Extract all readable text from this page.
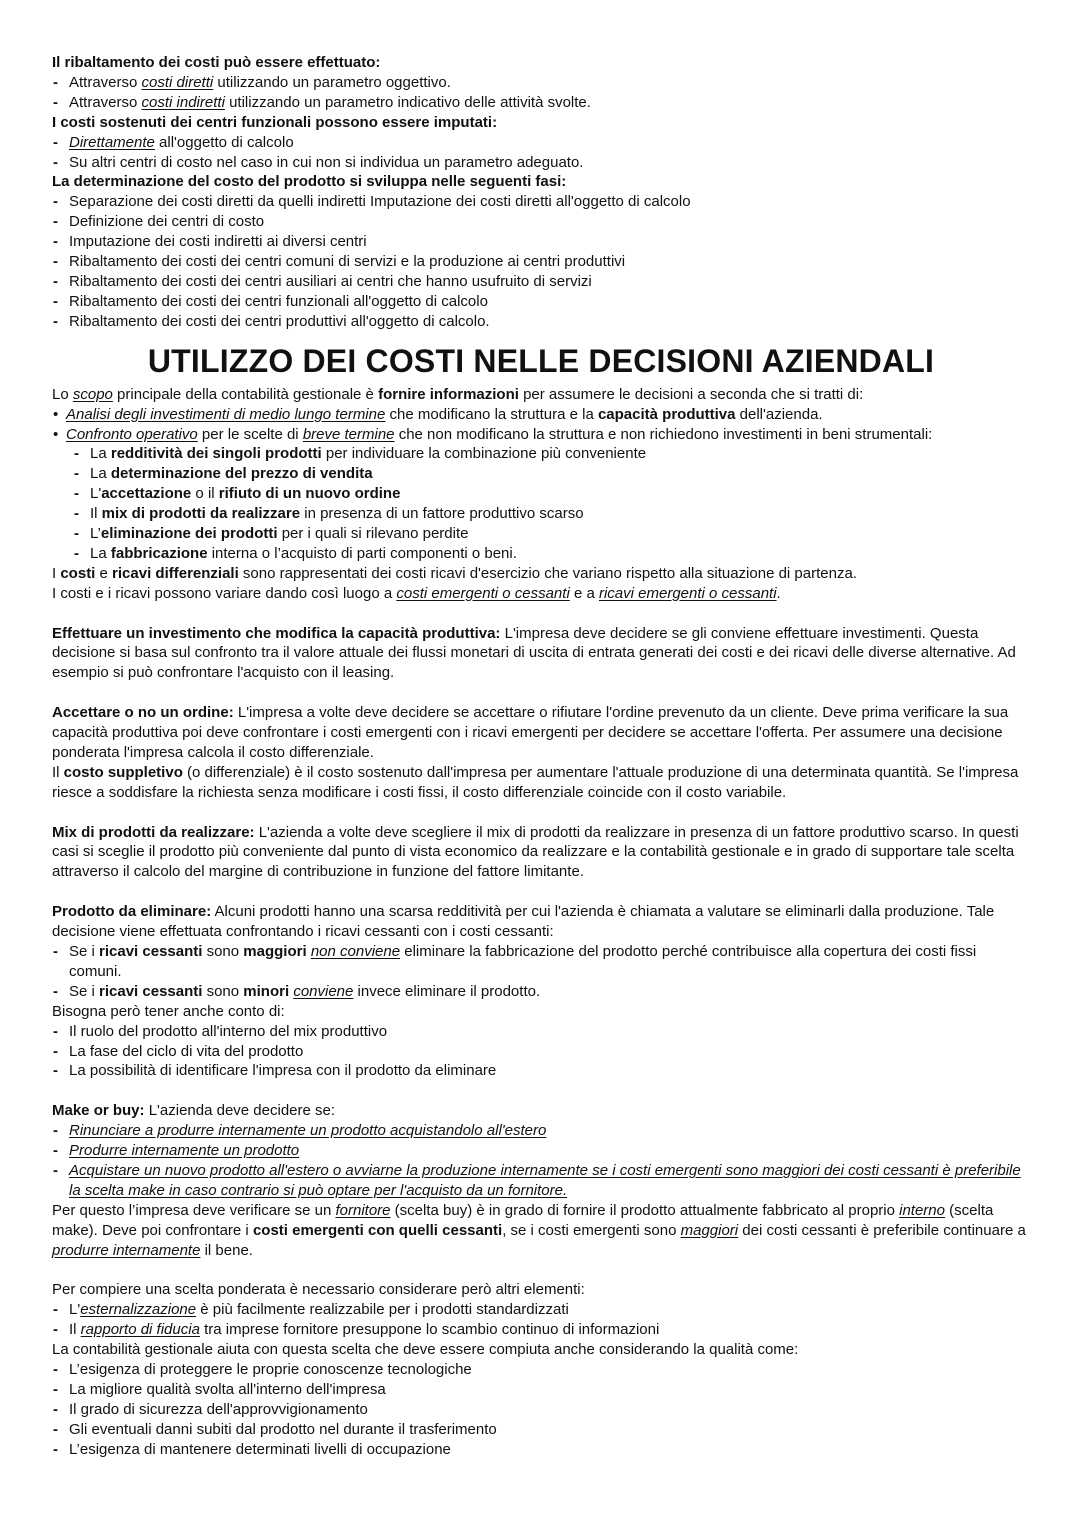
Il ribaltamento dei costi può essere effettuato:

- Attraverso costi diretti utilizzando un parametro oggettivo.
- Attraverso costi indiretti utilizzando un parametro indicativo delle attività svolte.

I costi sostenuti dei centri funzionali possono essere imputati:

- Direttamente all'oggetto di calcolo
- Su altri centri di costo nel caso in cui non si individua un parametro adeguato.

La determinazione del costo del prodotto si sviluppa nelle seguenti fasi:

- Separazione dei costi diretti da quelli indiretti Imputazione dei costi diretti all'oggetto di calcolo
- Definizione dei centri di costo
- Imputazione dei costi indiretti ai diversi centri
- Ribaltamento dei costi dei centri comuni di servizi e la produzione ai centri produttivi
- Ribaltamento dei costi dei centri ausiliari ai centri che hanno usufruito di servizi
- Ribaltamento dei costi dei centri funzionali all'oggetto di calcolo
- Ribaltamento dei costi dei centri produttivi all'oggetto di calcolo.
UTILIZZO DEI COSTI NELLE DECISIONI AZIENDALI

Lo scopo principale della contabilità gestionale è fornire informazioni per assumere le decisioni a seconda che si tratti di:

• Analisi degli investimenti di medio lungo termine che modificano la struttura e la capacità produttiva dell'azienda.
• Confronto operativo per le scelte di breve termine che non modificano la struttura e non richiedono investimenti in beni strumentali:
- La redditività dei singoli prodotti per individuare la combinazione più conveniente
- La determinazione del prezzo di vendita
- L'accettazione o il rifiuto di un nuovo ordine
- Il mix di prodotti da realizzare in presenza di un fattore produttivo scarso
- L’eliminazione dei prodotti per i quali si rilevano perdite
- La fabbricazione interna o l’acquisto di parti componenti o beni.

I costi e ricavi differenziali sono rappresentati dei costi ricavi d'esercizio che variano rispetto alla situazione di partenza.

I costi e i ricavi possono variare dando così luogo a costi emergenti o cessanti e a ricavi emergenti o cessanti.

Effettuare un investimento che modifica la capacità produttiva: L'impresa deve decidere se gli conviene effettuare investimenti. Questa decisione si basa sul confronto tra il valore attuale dei flussi monetari di uscita di entrata generati dei costi e dei ricavi delle diverse alternative. Ad esempio si può confrontare l'acquisto con il leasing.

Accettare o no un ordine: L'impresa a volte deve decidere se accettare o rifiutare l'ordine prevenuto da un cliente. Deve prima verificare la sua capacità produttiva poi deve confrontare i costi emergenti con i ricavi emergenti per decidere se accettare l'offerta. Per assumere una decisione ponderata l'impresa calcola il costo differenziale.

Il costo suppletivo (o differenziale) è il costo sostenuto dall'impresa per aumentare l'attuale produzione di una determinata quantità. Se l'impresa riesce a soddisfare la richiesta senza modificare i costi fissi, il costo differenziale coincide con il costo variabile.

Mix di prodotti da realizzare: L'azienda a volte deve scegliere il mix di prodotti da realizzare in presenza di un fattore produttivo scarso. In questi casi si sceglie il prodotto più conveniente dal punto di vista economico da realizzare e la contabilità gestionale e in grado di supportare tale scelta attraverso il calcolo del margine di contribuzione in funzione del fattore limitante.

Prodotto da eliminare: Alcuni prodotti hanno una scarsa redditività per cui l'azienda è chiamata a valutare se eliminarli dalla produzione. Tale decisione viene effettuata confrontando i ricavi cessanti con i costi cessanti:

- Se i ricavi cessanti sono maggiori non conviene eliminare la fabbricazione del prodotto perché contribuisce alla copertura dei costi fissi comuni.
- Se i ricavi cessanti sono minori conviene invece eliminare il prodotto.

Bisogna però tener anche conto di:

- Il ruolo del prodotto all'interno del mix produttivo
- La fase del ciclo di vita del prodotto
- La possibilità di identificare l'impresa con il prodotto da eliminare

Make or buy: L'azienda deve decidere se:

- Rinunciare a produrre internamente un prodotto acquistandolo all'estero
- Produrre internamente un prodotto
- Acquistare un nuovo prodotto all'estero o avviarne la produzione internamente se i costi emergenti sono maggiori dei costi cessanti è preferibile la scelta make in caso contrario si può optare per l'acquisto da un fornitore.

Per questo l’impresa deve verificare se un fornitore (scelta buy) è in grado di fornire il prodotto attualmente fabbricato al proprio interno (scelta make). Deve poi confrontare i costi emergenti con quelli cessanti, se i costi emergenti sono maggiori dei costi cessanti è preferibile continuare a produrre internamente il bene.

Per compiere una scelta ponderata è necessario considerare però altri elementi:

- L'esternalizzazione è più facilmente realizzabile per i prodotti standardizzati
- Il rapporto di fiducia tra imprese fornitore presuppone lo scambio continuo di informazioni

La contabilità gestionale aiuta con questa scelta che deve essere compiuta anche considerando la qualità come:

- L’esigenza di proteggere le proprie conoscenze tecnologiche
- La migliore qualità svolta all'interno dell'impresa
- Il grado di sicurezza dell'approvvigionamento
- Gli eventuali danni subiti dal prodotto nel durante il trasferimento
- L’esigenza di mantenere determinati livelli di occupazione
